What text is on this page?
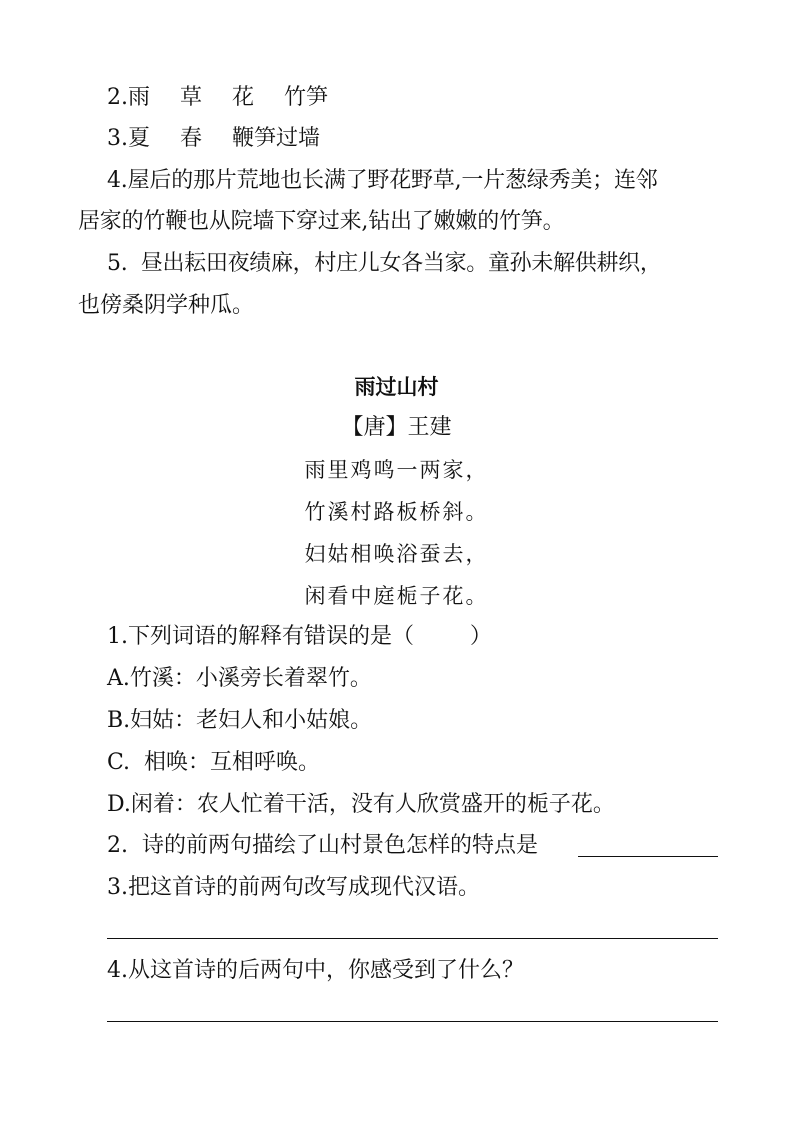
2.雨 草 花 竹笋
3.夏 春 鞭笋过墙
4.屋后的那片荒地也长满了野花野草,一片葱绿秀美；连邻
居家的竹鞭也从院墙下穿过来,钻出了嫩嫩的竹笋。
5.  昼出耘田夜绩麻，村庄儿女各当家。童孙未解供耕织，
也傍桑阴学种瓜。
雨过山村
【唐】王建
雨里鸡鸣一两家，
竹溪村路板桥斜。
妇姑相唤浴蚕去，
闲看中庭栀子花。
1.下列词语的解释有错误的是（        ）
A.竹溪：小溪旁长着翠竹。
B.妇姑：老妇人和小姑娘。
C.  相唤：互相呼唤。
D.闲着：农人忙着干活，没有人欣赏盛开的栀子花。
2.  诗的前两句描绘了山村景色怎样的特点是
3.把这首诗的前两句改写成现代汉语。
4.从这首诗的后两句中，你感受到了什么？
